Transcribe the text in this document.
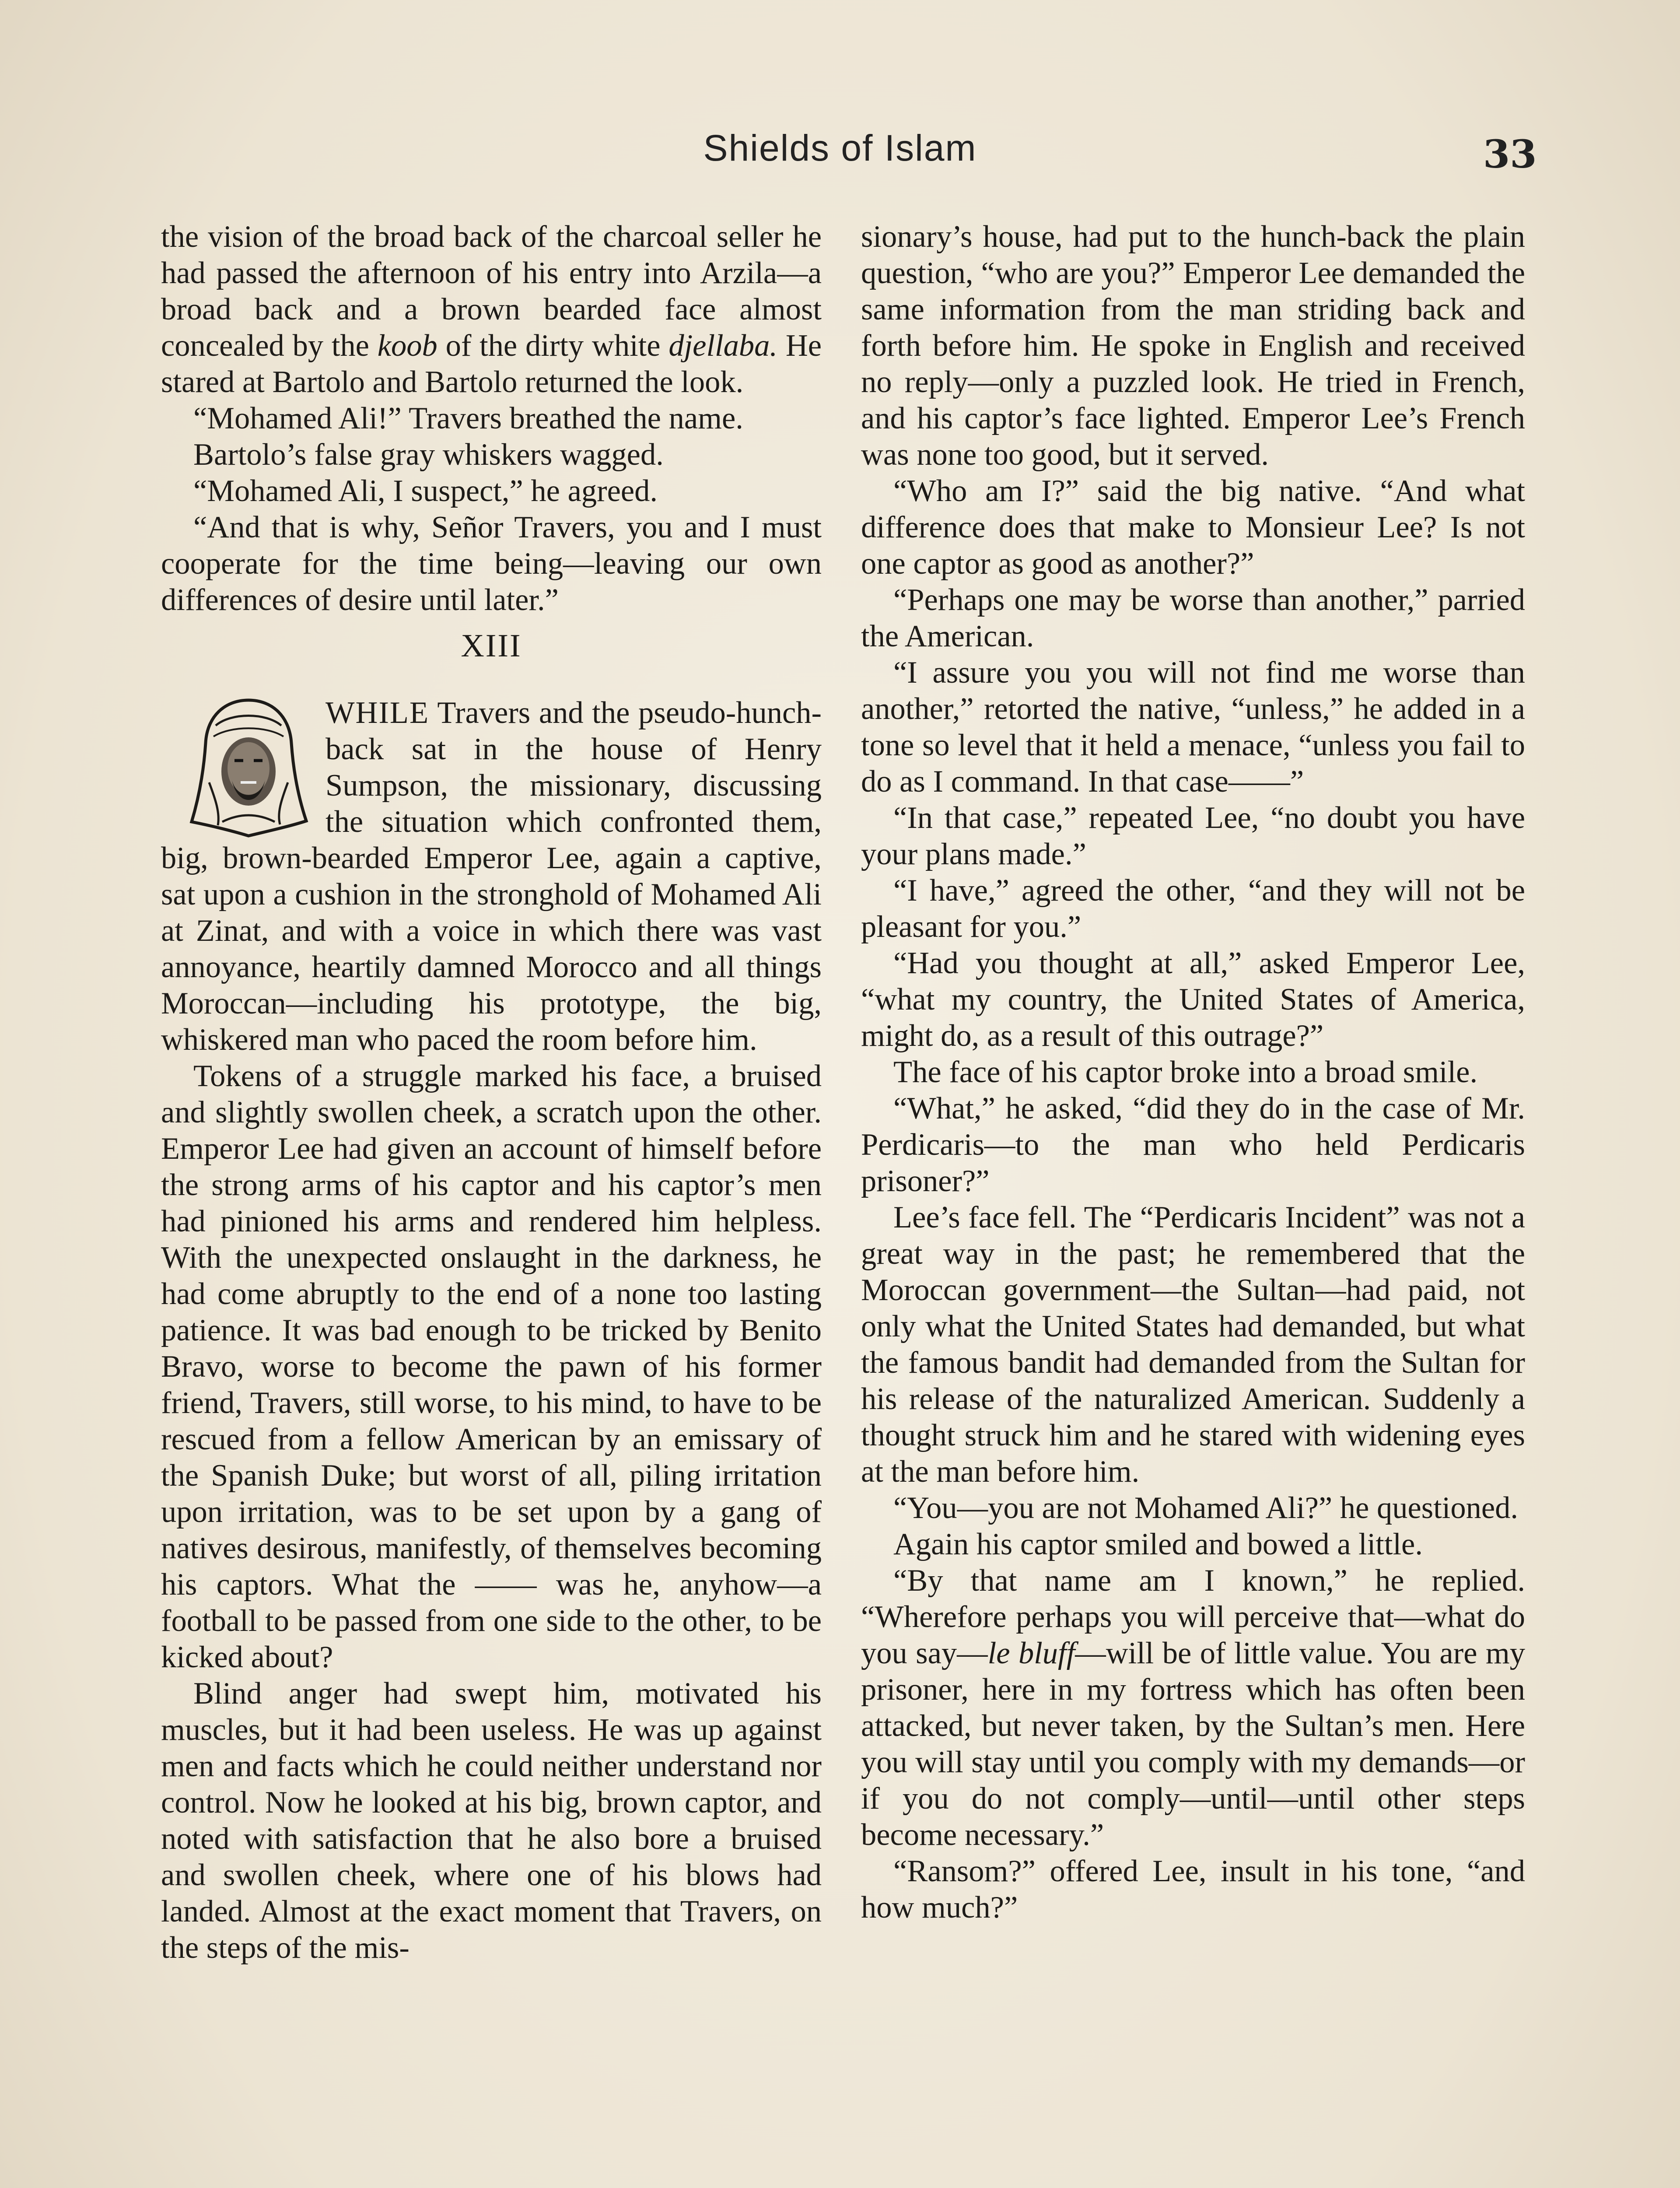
Shields of Islam	33

the vision of the broad back of the charcoal seller he had passed the afternoon of his entry into Arzila—a broad back and a brown bearded face almost concealed by the koob of the dirty white djellaba. He stared at Bartolo and Bartolo returned the look.

“Mohamed Ali!” Travers breathed the name.

Bartolo’s false gray whiskers wagged.

“Mohamed Ali, I suspect,” he agreed.

“And that is why, Señor Travers, you and I must cooperate for the time being—leaving our own differences of desire until later.”

XIII

WHILE Travers and the pseudo-hunch-back sat in the house of Henry Sumpson, the missionary, discussing the situation which confronted them, big, brown-bearded Emperor Lee, again a captive, sat upon a cushion in the stronghold of Mohamed Ali at Zinat, and with a voice in which there was vast annoyance, heartily damned Morocco and all things Moroccan—including his prototype, the big, whiskered man who paced the room before him.

Tokens of a struggle marked his face, a bruised and slightly swollen cheek, a scratch upon the other. Emperor Lee had given an account of himself before the strong arms of his captor and his captor’s men had pinioned his arms and rendered him helpless. With the unexpected onslaught in the darkness, he had come abruptly to the end of a none too lasting patience. It was bad enough to be tricked by Benito Bravo, worse to become the pawn of his former friend, Travers, still worse, to his mind, to have to be rescued from a fellow American by an emissary of the Spanish Duke; but worst of all, piling irritation upon irritation, was to be set upon by a gang of natives desirous, manifestly, of themselves becoming his captors. What the —— was he, anyhow—a football to be passed from one side to the other, to be kicked about?

Blind anger had swept him, motivated his muscles, but it had been useless. He was up against men and facts which he could neither understand nor control. Now he looked at his big, brown captor, and noted with satisfaction that he also bore a bruised and swollen cheek, where one of his blows had landed. Almost at the exact moment that Travers, on the steps of the mis-

sionary’s house, had put to the hunch-back the plain question, “who are you?” Emperor Lee demanded the same information from the man striding back and forth before him. He spoke in English and received no reply—only a puzzled look. He tried in French, and his captor’s face lighted. Emperor Lee’s French was none too good, but it served.

“Who am I?” said the big native. “And what difference does that make to Monsieur Lee? Is not one captor as good as another?”

“Perhaps one may be worse than another,” parried the American.

“I assure you you will not find me worse than another,” retorted the native, “unless,” he added in a tone so level that it held a menace, “unless you fail to do as I command. In that case——”

“In that case,” repeated Lee, “no doubt you have your plans made.”

“I have,” agreed the other, “and they will not be pleasant for you.”

“Had you thought at all,” asked Emperor Lee, “what my country, the United States of America, might do, as a result of this outrage?”

The face of his captor broke into a broad smile.

“What,” he asked, “did they do in the case of Mr. Perdicaris—to the man who held Perdicaris prisoner?”

Lee’s face fell. The “Perdicaris Incident” was not a great way in the past; he remembered that the Moroccan government—the Sultan—had paid, not only what the United States had demanded, but what the famous bandit had demanded from the Sultan for his release of the naturalized American. Suddenly a thought struck him and he stared with widening eyes at the man before him.

“You—you are not Mohamed Ali?” he questioned.

Again his captor smiled and bowed a little.

“By that name am I known,” he replied. “Wherefore perhaps you will perceive that—what do you say—le bluff—will be of little value. You are my prisoner, here in my fortress which has often been attacked, but never taken, by the Sultan’s men. Here you will stay until you comply with my demands—or if you do not comply—until—until other steps become necessary.”

“Ransom?” offered Lee, insult in his tone, “and how much?”
